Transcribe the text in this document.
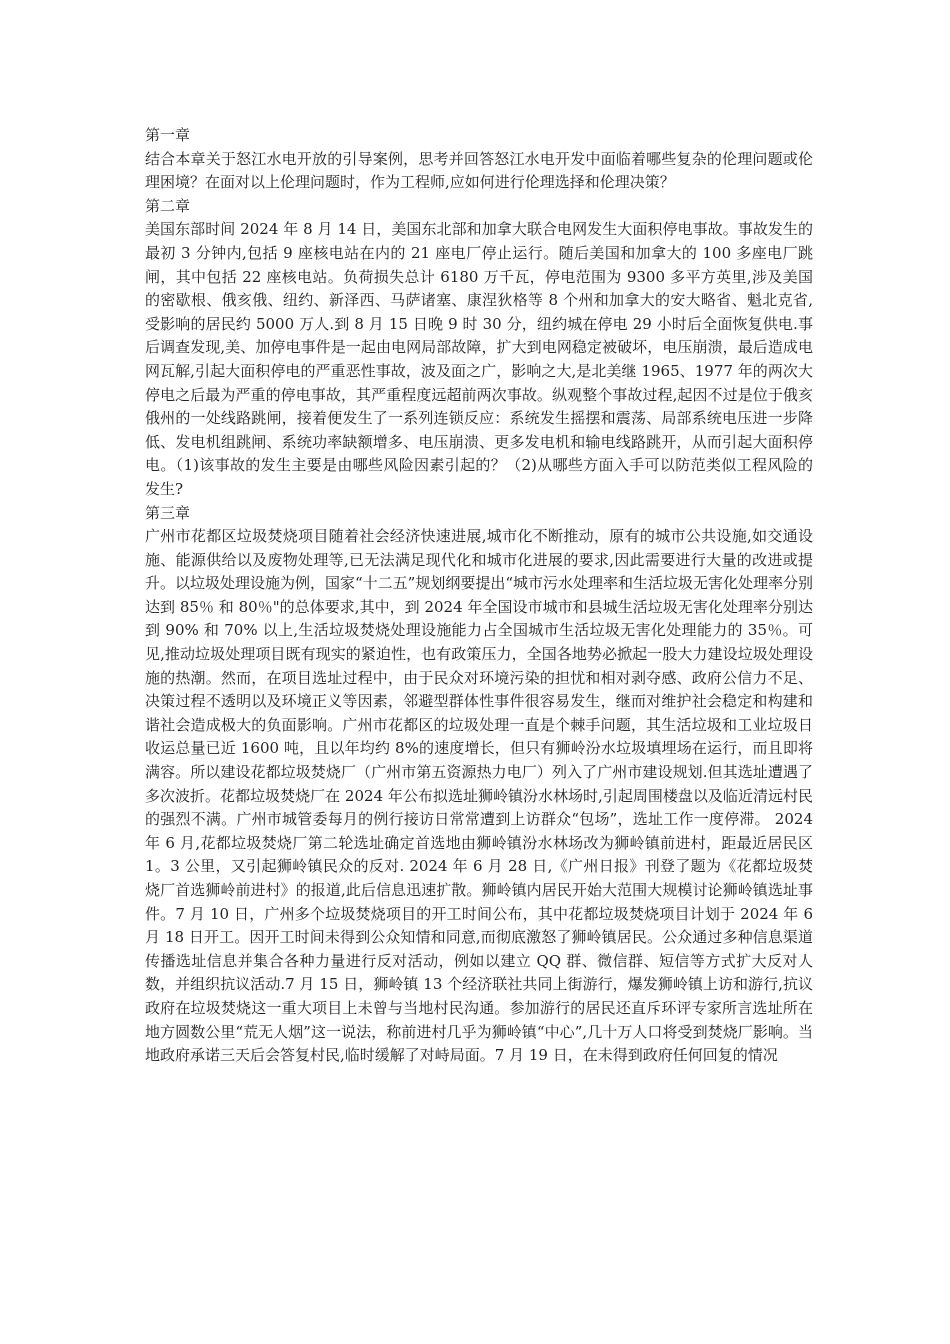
第一章

结合本章关于怒江水电开放的引导案例，思考并回答怒江水电开发中面临着哪些复杂的伦理问题或伦理困境？在面对以上伦理问题时，作为工程师,应如何进行伦理选择和伦理决策？

第二章

美国东部时间 2024 年 8 月 14 日，美国东北部和加拿大联合电网发生大面积停电事故。事故发生的最初 3 分钟内,包括 9 座核电站在内的 21 座电厂停止运行。随后美国和加拿大的 100 多座电厂跳闸，其中包括 22 座核电站。负荷损失总计 6180 万千瓦，停电范围为 9300 多平方英里,涉及美国的密歇根、俄亥俄、纽约、新泽西、马萨诸塞、康涅狄格等 8 个州和加拿大的安大略省、魁北克省,受影响的居民约 5000 万人.到 8 月 15 日晚 9 时 30 分，纽约城在停电 29 小时后全面恢复供电.事后调查发现,美、加停电事件是一起由电网局部故障，扩大到电网稳定被破坏，电压崩溃，最后造成电网瓦解,引起大面积停电的严重恶性事故，波及面之广，影响之大,是北美继 1965、1977 年的两次大停电之后最为严重的停电事故，其严重程度远超前两次事故。纵观整个事故过程,起因不过是位于俄亥俄州的一处线路跳闸，接着便发生了一系列连锁反应：系统发生摇摆和震荡、局部系统电压进一步降低、发电机组跳闸、系统功率缺额增多、电压崩溃、更多发电机和输电线路跳开，从而引起大面积停电。（1)该事故的发生主要是由哪些风险因素引起的？（2)从哪些方面入手可以防范类似工程风险的发生?

第三章

广州市花都区垃圾焚烧项目随着社会经济快速进展,城市化不断推动，原有的城市公共设施,如交通设施、能源供给以及废物处理等,已无法满足现代化和城市化进展的要求,因此需要进行大量的改进或提升。以垃圾处理设施为例，国家“十二五”规划纲要提出“城市污水处理率和生活垃圾无害化处理率分别达到 85％ 和 80％"的总体要求,其中，到 2024 年全国设市城市和县城生活垃圾无害化处理率分别达到 90% 和 70% 以上,生活垃圾焚烧处理设施能力占全国城市生活垃圾无害化处理能力的 35％。可见,推动垃圾处理项目既有现实的紧迫性，也有政策压力，全国各地势必掀起一股大力建设垃圾处理设施的热潮。然而，在项目选址过程中，由于民众对环境污染的担忧和相对剥夺感、政府公信力不足、决策过程不透明以及环境正义等因素，邻避型群体性事件很容易发生，继而对维护社会稳定和构建和谐社会造成极大的负面影响。广州市花都区的垃圾处理一直是个棘手问题，其生活垃圾和工业垃圾日收运总量已近 1600 吨，且以年均约 8%的速度增长，但只有狮岭汾水垃圾填埋场在运行，而且即将满容。所以建设花都垃圾焚烧厂（广州市第五资源热力电厂）列入了广州市建设规划.但其选址遭遇了多次波折。花都垃圾焚烧厂在 2024 年公布拟选址狮岭镇汾水林场时,引起周围楼盘以及临近清远村民的强烈不满。广州市城管委每月的例行接访日常常遭到上访群众“包场”，选址工作一度停滞。 2024 年 6 月,花都垃圾焚烧厂第二轮选址确定首选地由狮岭镇汾水林场改为狮岭镇前进村，距最近居民区 1。3 公里，又引起狮岭镇民众的反对. 2024 年 6 月 28 日,《广州日报》刊登了题为《花都垃圾焚烧厂首选狮岭前进村》的报道,此后信息迅速扩散。狮岭镇内居民开始大范围大规模讨论狮岭镇选址事件。7 月 10 日，广州多个垃圾焚烧项目的开工时间公布，其中花都垃圾焚烧项目计划于 2024 年 6 月 18 日开工。因开工时间未得到公众知情和同意,而彻底激怒了狮岭镇居民。公众通过多种信息渠道传播选址信息并集合各种力量进行反对活动，例如以建立 QQ 群、微信群、短信等方式扩大反对人数，并组织抗议活动.7 月 15 日，狮岭镇 13 个经济联社共同上街游行，爆发狮岭镇上访和游行,抗议政府在垃圾焚烧这一重大项目上未曾与当地村民沟通。参加游行的居民还直斥环评专家所言选址所在地方圆数公里“荒无人烟”这一说法，称前进村几乎为狮岭镇“中心”,几十万人口将受到焚烧厂影响。当地政府承诺三天后会答复村民,临时缓解了对峙局面。7 月 19 日，在未得到政府任何回复的情况
